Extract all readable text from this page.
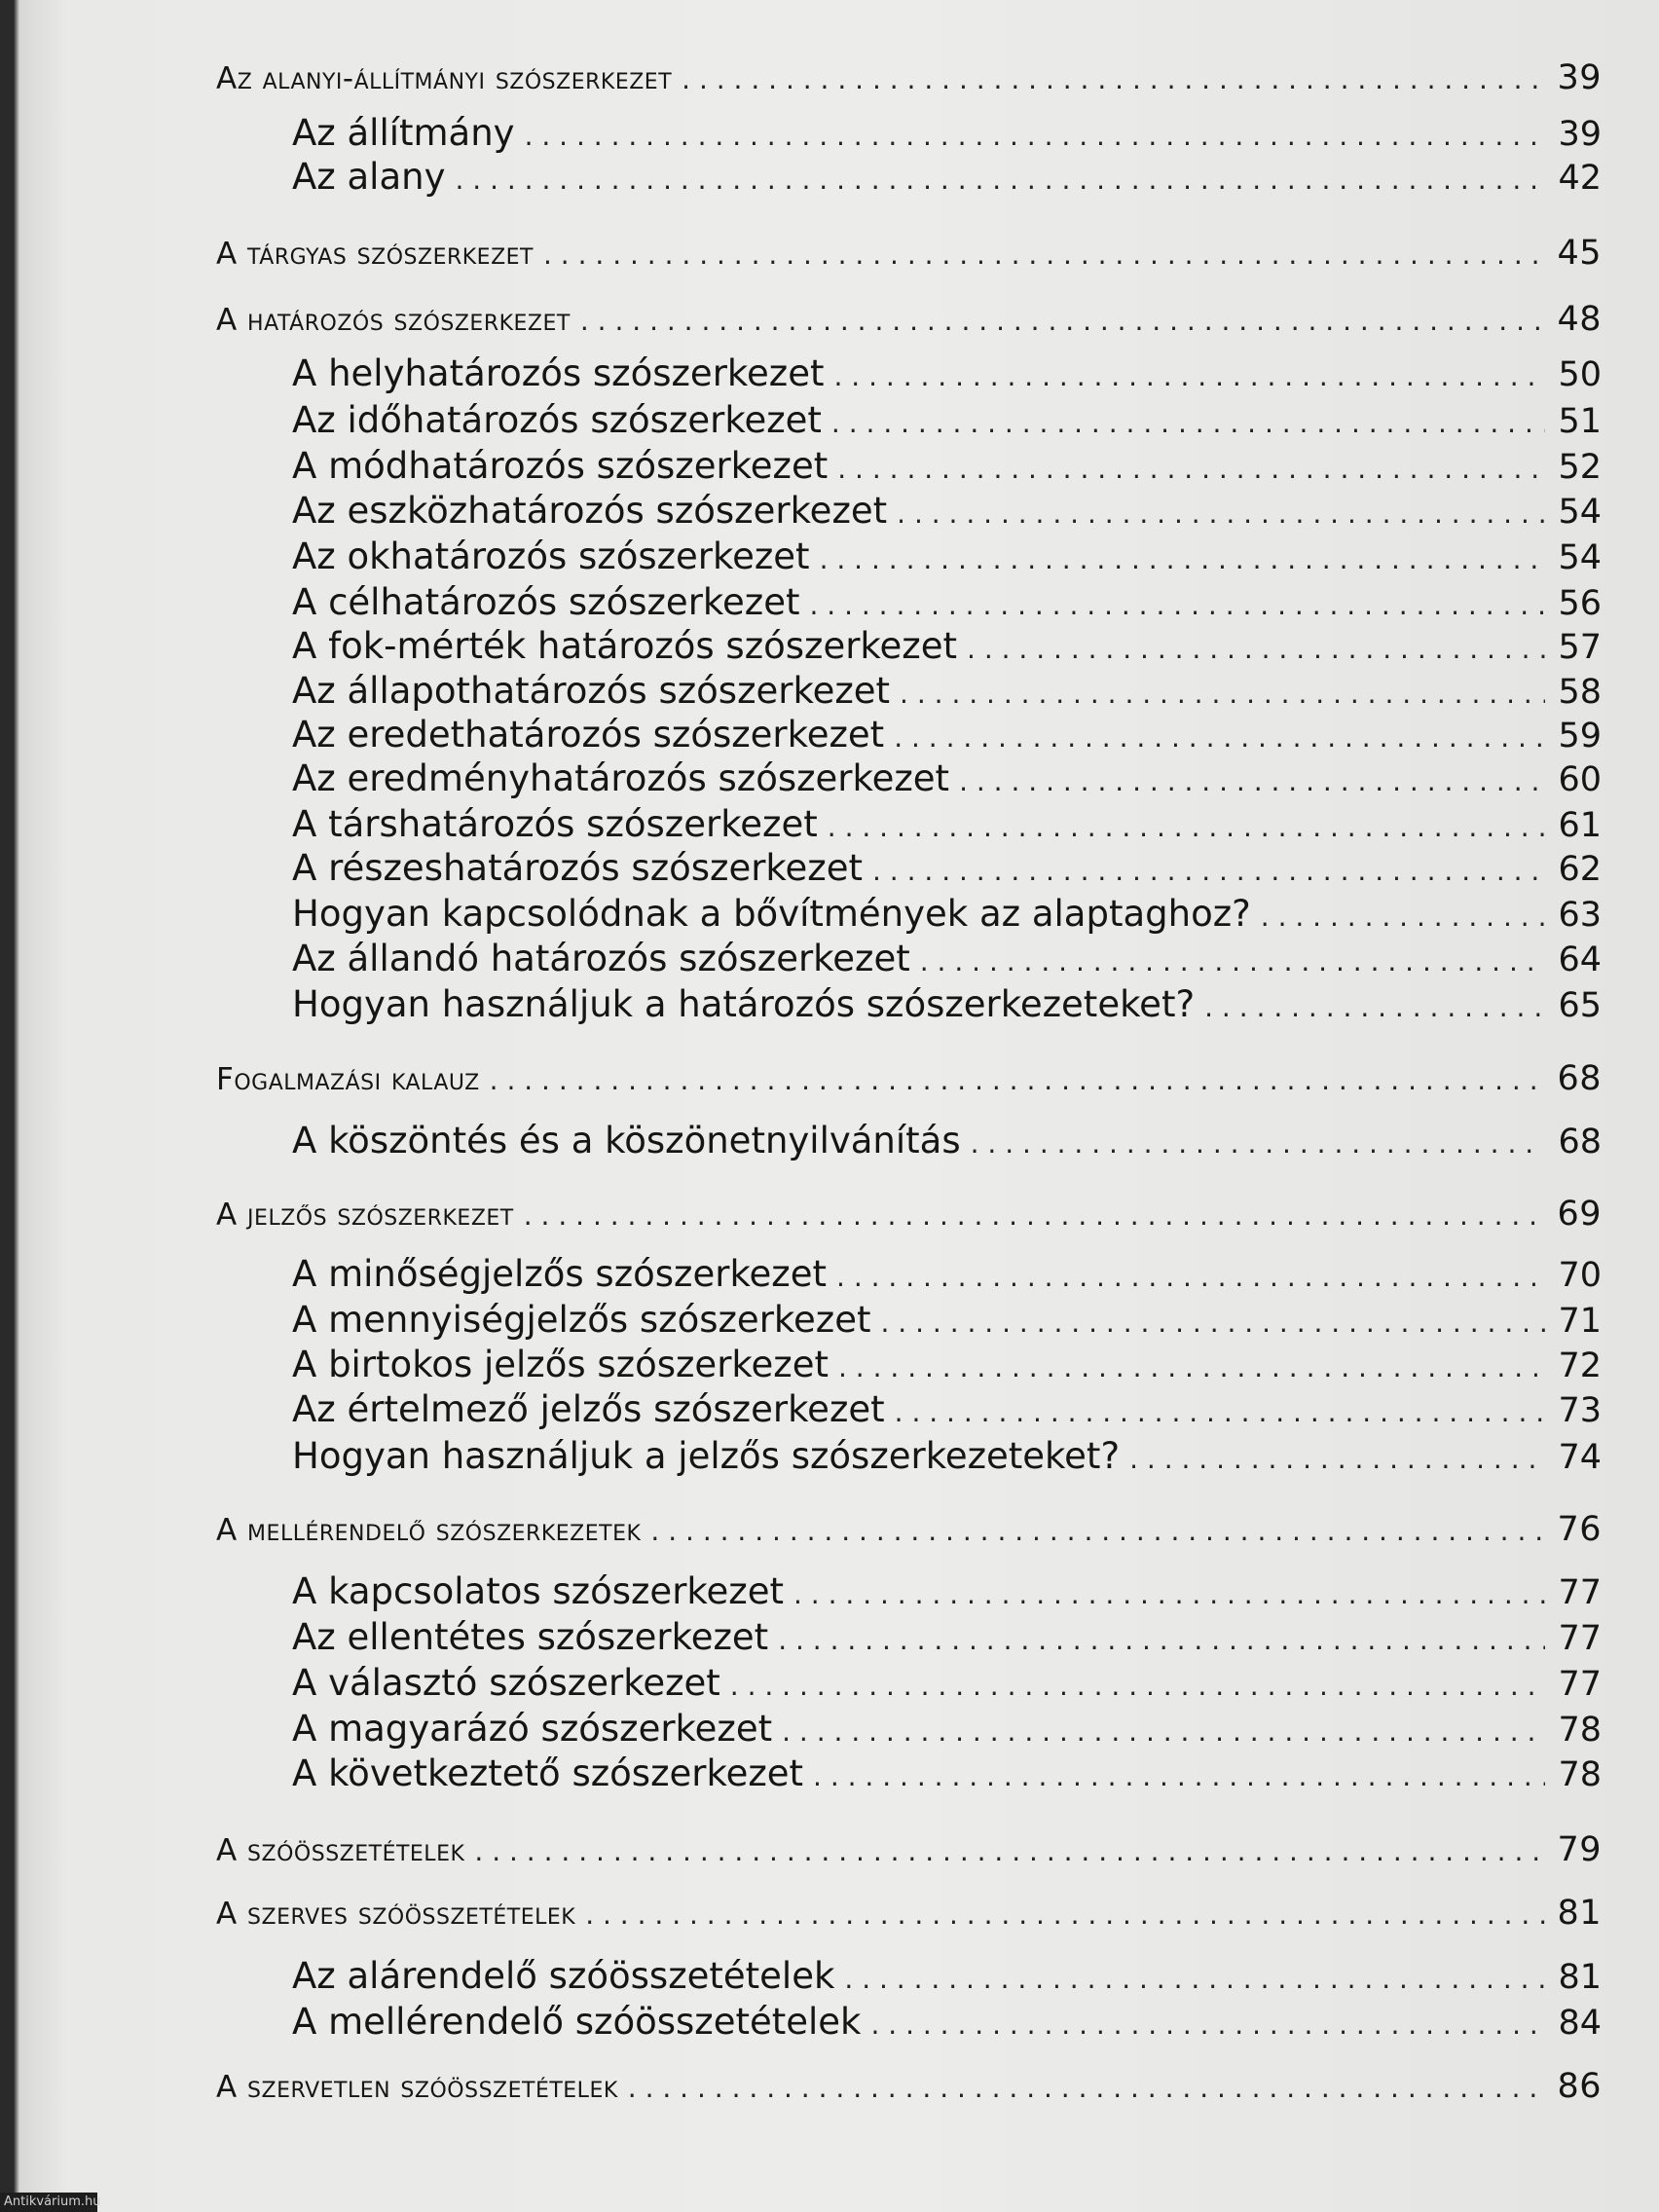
Az alanyi-állítmányi szószerkezet . . .	39
Az állítmány . . .	39
Az alany . . .	42
A tárgyas szószerkezet . . .	45
A határozós szószerkezet . . .	48
A helyhatározós szószerkezet . . .	50
Az időhatározós szószerkezet . . .	51
A módhatározós szószerkezet . . .	52
Az eszközhatározós szószerkezet . . .	54
Az okhatározós szószerkezet . . .	54
A célhatározós szószerkezet . . .	56
A fok-mérték határozós szószerkezet . . .	57
Az állapothatározós szószerkezet . . .	58
Az eredethatározós szószerkezet . . .	59
Az eredményhatározós szószerkezet . . .	60
A társhatározós szószerkezet . . .	61
A részeshatározós szószerkezet . . .	62
Hogyan kapcsolódnak a bővítmények az alaptaghoz? . . .	63
Az állandó határozós szószerkezet . . .	64
Hogyan használjuk a határozós szószerkezeteket? . . .	65
Fogalmazási kalauz . . .	68
A köszöntés és a köszönetnyilvánítás . . .	68
A jelzős szószerkezet . . .	69
A minőségjelzős szószerkezet . . .	70
A mennyiségjelzős szószerkezet . . .	71
A birtokos jelzős szószerkezet . . .	72
Az értelmező jelzős szószerkezet . . .	73
Hogyan használjuk a jelzős szószerkezeteket? . . .	74
A mellérendelő szószerkezetek . . .	76
A kapcsolatos szószerkezet . . .	77
Az ellentétes szószerkezet . . .	77
A választó szószerkezet . . .	77
A magyarázó szószerkezet . . .	78
A következtető szószerkezet . . .	78
A szóösszetételek . . .	79
A szerves szóösszetételek . . .	81
Az alárendelő szóösszetételek . . .	81
A mellérendelő szóösszetételek . . .	84
A szervetlen szóösszetételek . . .	86
Antikvárium.hu
